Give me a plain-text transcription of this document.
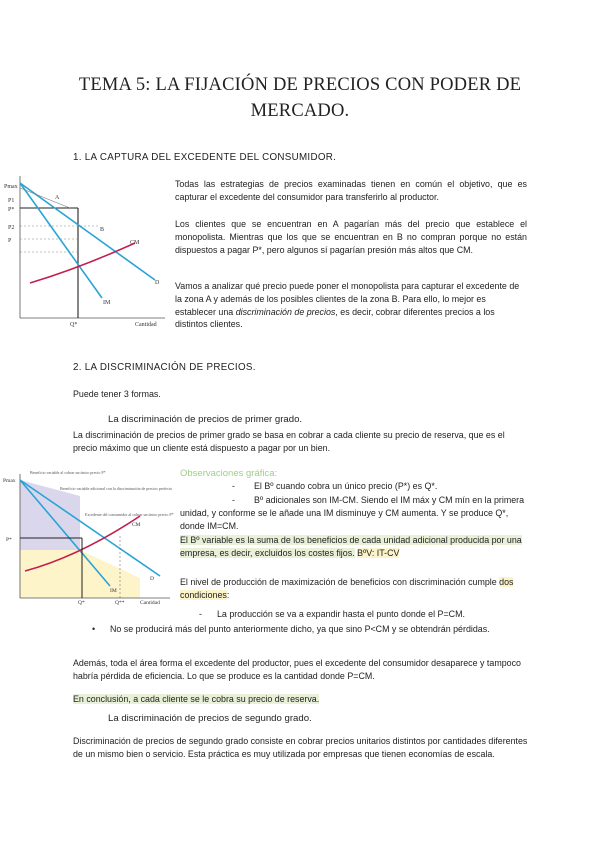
TEMA 5: LA FIJACIÓN DE PRECIOS CON PODER DE
MERCADO.
1. LA CAPTURA DEL EXCEDENTE DEL CONSUMIDOR.
Pmax
P1
P*
P2
P
A
B
CM
D
IM
Q*	Cantidad
Todas las estrategias de precios examinadas tienen en común el objetivo, que es capturar el excedente del consumidor para transferirlo al productor.
Los clientes que se encuentran en A pagarían más del precio que establece el monopolista. Mientras que los que se encuentran en B no compran porque no están dispuestos a pagar P*, pero algunos sí pagarían presión más altos que CM.
Vamos a analizar qué precio puede poner el monopolista para capturar el excedente de la zona A y además de los posibles clientes de la zona B. Para ello, lo mejor es establecer una discriminación de precios, es decir, cobrar diferentes precios a los distintos clientes.
2. LA DISCRIMINACIÓN DE PRECIOS.
Puede tener 3 formas.
La discriminación de precios de primer grado.
La discriminación de precios de primer grado se basa en cobrar a cada cliente su precio de reserva, que es el precio máximo que un cliente está dispuesto a pagar por un bien.
Pmax
P*
CM
D
IM
Q*	Q**	Cantidad
Beneficio variable al cobrar un único precio P*
Beneficio variable adicional con la discriminación de precios perfecta
Excedente del consumidor al cobrar un único precio P*
Observaciones gráfica:
- El Bº cuando cobra un único precio (P*) es Q*.
-	Bº adicionales son IM-CM. Siendo el IM máx y CM mín en la primera unidad, y conforme se le añade una IM disminuye y CM aumenta. Y se produce Q*, donde IM=CM.
El Bº variable es la suma de los beneficios de cada unidad adicional producida por una empresa, es decir, excluidos los costes fijos. BºV: IT-CV
El nivel de producción de maximización de beneficios con discriminación cumple dos condiciones:
- La producción se va a expandir hasta el punto donde el P=CM.
• No se producirá más del punto anteriormente dicho, ya que sino P<CM y se obtendrán pérdidas.
Además, toda el área forma el excedente del productor, pues el excedente del consumidor desaparece y tampoco habría pérdida de eficiencia. Lo que se produce es la cantidad donde P=CM.
En conclusión, a cada cliente se le cobra su precio de reserva.
La discriminación de precios de segundo grado.
Discriminación de precios de segundo grado consiste en cobrar precios unitarios distintos por cantidades diferentes de un mismo bien o servicio. Esta práctica es muy utilizada por empresas que tienen economías de escala.
